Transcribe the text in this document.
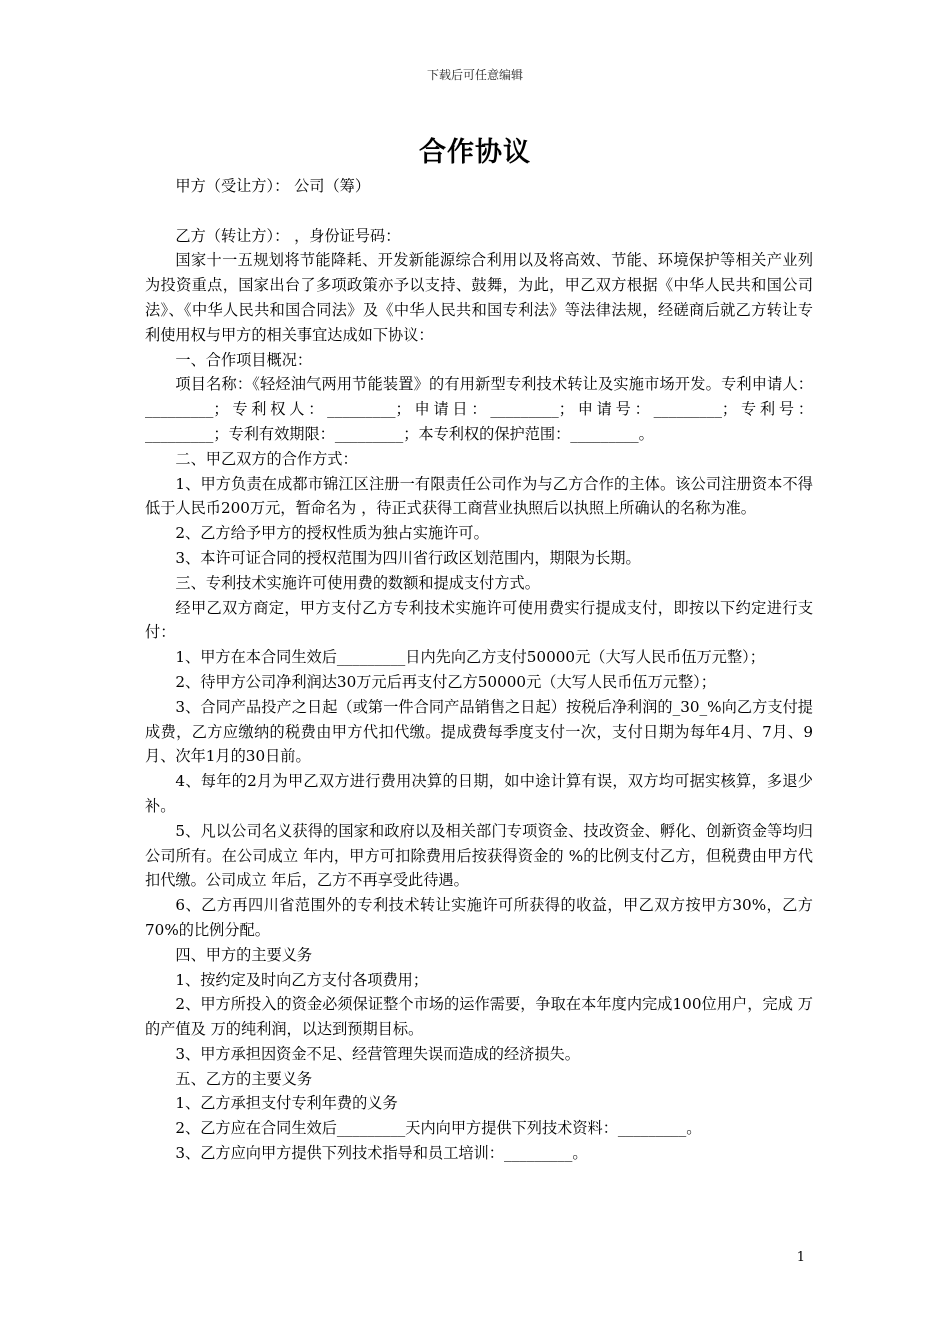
下载后可任意编辑
合作协议

甲方（受让方）： 公司（筹）

乙方（转让方）： ，身份证号码：

国家十一五规划将节能降耗、开发新能源综合利用以及将高效、节能、环境保护等相关产业列为投资重点，国家出台了多项政策亦予以支持、鼓舞，为此，甲乙双方根据《中华人民共和国公司法》、《中华人民共和国合同法》及《中华人民共和国专利法》等法律法规，经磋商后就乙方转让专利使用权与甲方的相关事宜达成如下协议：

一、合作项目概况：

项目名称：《轻烃油气两用节能装置》的有用新型专利技术转让及实施市场开发。专利申请人：_________；专利权人：_________；申请日：_________；申请号：_________；专利号：_________；专利有效期限：_________；本专利权的保护范围：_________。

二、甲乙双方的合作方式：

1、甲方负责在成都市锦江区注册一有限责任公司作为与乙方合作的主体。该公司注册资本不得低于人民币200万元，暂命名为 ，待正式获得工商营业执照后以执照上所确认的名称为准。

2、乙方给予甲方的授权性质为独占实施许可。

3、本许可证合同的授权范围为四川省行政区划范围内，期限为长期。

三、专利技术实施许可使用费的数额和提成支付方式。

经甲乙双方商定，甲方支付乙方专利技术实施许可使用费实行提成支付，即按以下约定进行支付：

1、甲方在本合同生效后_________日内先向乙方支付50000元（大写人民币伍万元整）；

2、待甲方公司净利润达30万元后再支付乙方50000元（大写人民币伍万元整）；

3、合同产品投产之日起（或第一件合同产品销售之日起）按税后净利润的_30_%向乙方支付提成费，乙方应缴纳的税费由甲方代扣代缴。提成费每季度支付一次，支付日期为每年4月、7月、9月、次年1月的30日前。

4、每年的2月为甲乙双方进行费用决算的日期，如中途计算有误，双方均可据实核算，多退少补。

5、凡以公司名义获得的国家和政府以及相关部门专项资金、技改资金、孵化、创新资金等均归公司所有。在公司成立 年内，甲方可扣除费用后按获得资金的 %的比例支付乙方，但税费由甲方代扣代缴。公司成立 年后，乙方不再享受此待遇。

6、乙方再四川省范围外的专利技术转让实施许可所获得的收益，甲乙双方按甲方30%，乙方70%的比例分配。

四、甲方的主要义务

1、按约定及时向乙方支付各项费用；

2、甲方所投入的资金必须保证整个市场的运作需要，争取在本年度内完成100位用户，完成 万的产值及 万的纯利润，以达到预期目标。

3、甲方承担因资金不足、经营管理失误而造成的经济损失。

五、乙方的主要义务

1、乙方承担支付专利年费的义务

2、乙方应在合同生效后_________天内向甲方提供下列技术资料：_________。

3、乙方应向甲方提供下列技术指导和员工培训：_________。

1
